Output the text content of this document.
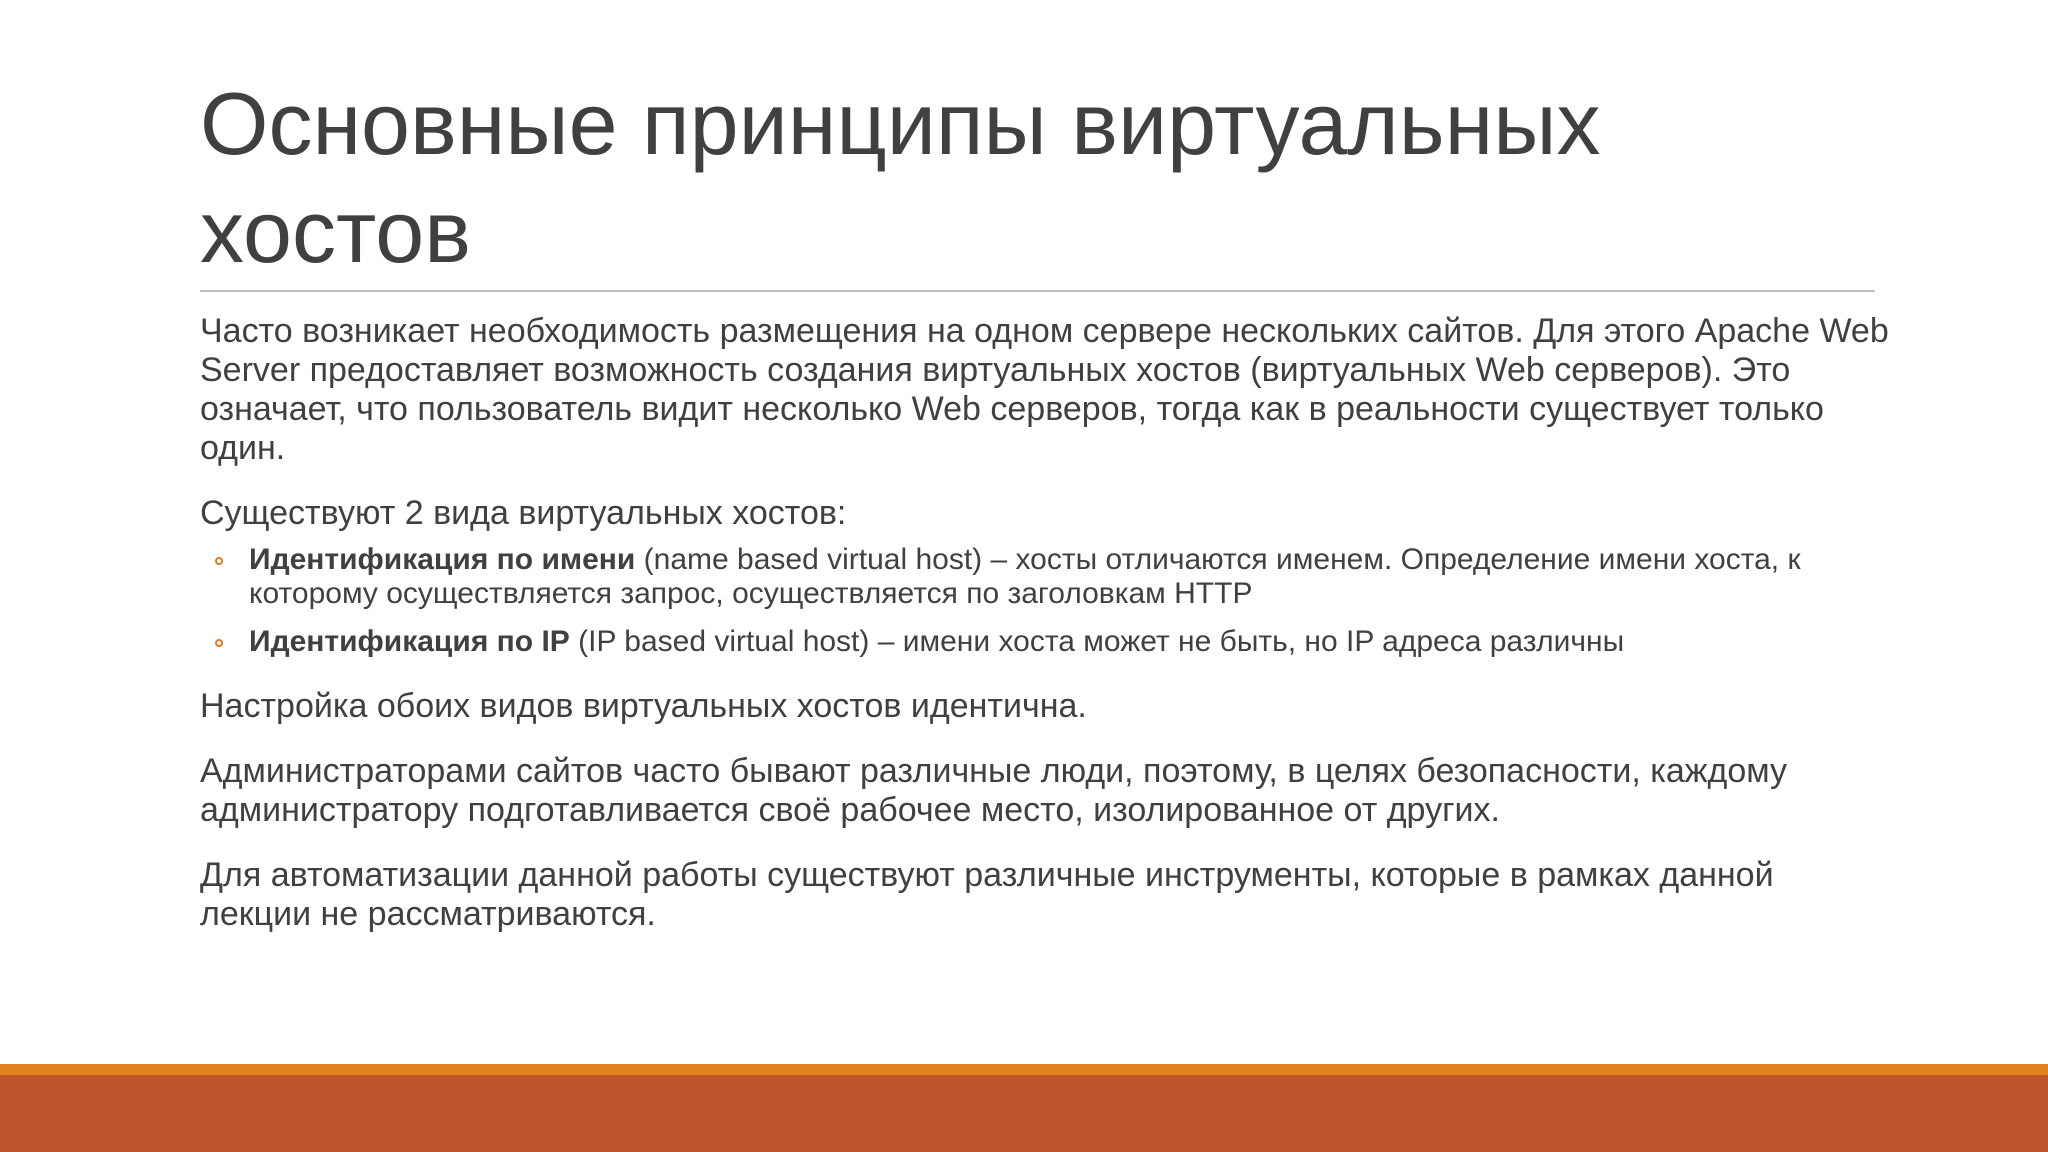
Основные принципы виртуальных хостов

Часто возникает необходимость размещения на одном сервере нескольких сайтов. Для этого Apache Web Server предоставляет возможность создания виртуальных хостов (виртуальных Web серверов). Это означает, что пользователь видит несколько Web серверов, тогда как в реальности существует только один.

Существуют 2 вида виртуальных хостов:

Идентификация по имени (name based virtual host) – хосты отличаются именем. Определение имени хоста, к которому осуществляется запрос, осуществляется по заголовкам HTTP
Идентификация по IP (IP based virtual host) – имени хоста может не быть, но IP адреса различны

Настройка обоих видов виртуальных хостов идентична.

Администраторами сайтов часто бывают различные люди, поэтому, в целях безопасности, каждому администратору подготавливается своё рабочее место, изолированное от других.

Для автоматизации данной работы существуют различные инструменты, которые в рамках данной лекции не рассматриваются.
